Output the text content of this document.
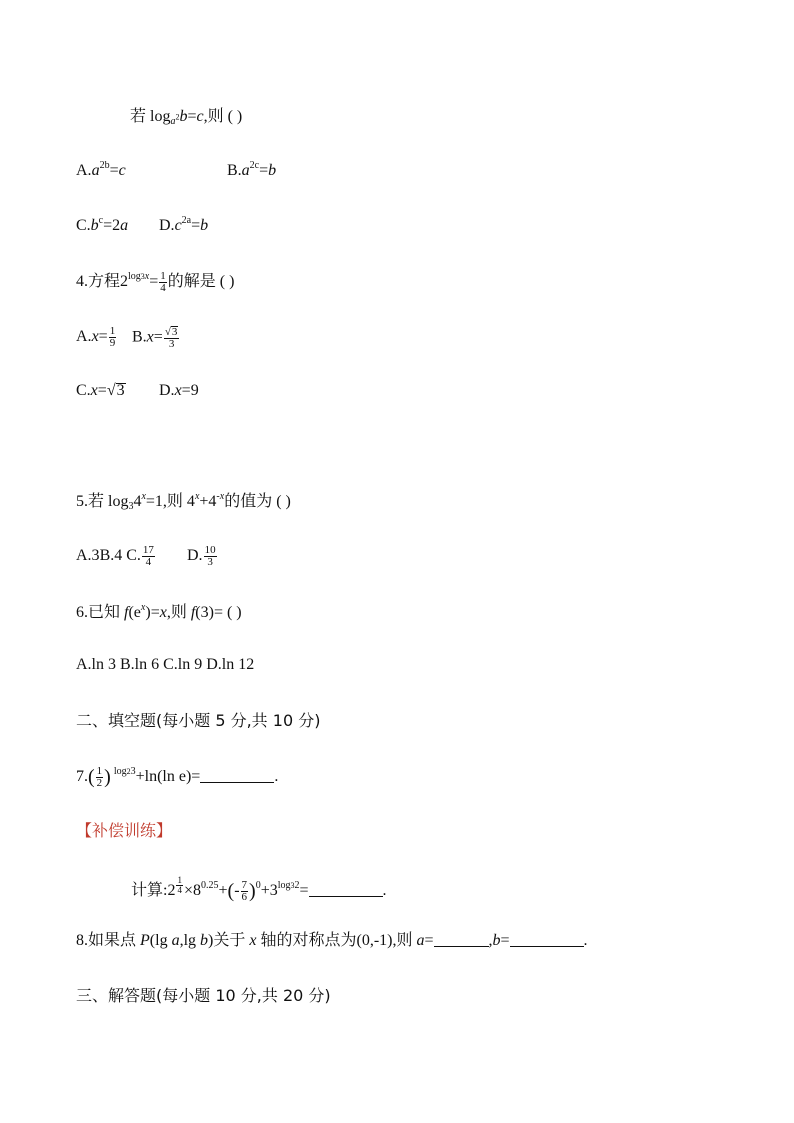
若 $\log_{a^2}b=c$,则 ( )
$A.a^{2b}=c$	$B.a^{2c}=b$
$C.b^c=2a$ $D.c^{2a}=b$
4.方程$2^{log3x}= \frac{1}{4}$ 的解是 ( )
$A.x= \frac{1}{9} B.x= \frac{√3}{3}$
C.x=√3 D.x=9
5.若 $\log_34^x=1$,则 $4^x+4^{-x}$的值为 ( )
A.3B.4 C. $\frac{17}{4} D$. $\frac{10}{3}$
6.已知 $f(e^x)=x$,则 f(3)= ( )
A.ln 3 B.ln 6 C.ln 9 D.ln 12
二、填空题(每小题 5 分,共 10 分)
$7.( \frac{1}{2}$ ) $^{log23}$+ln(ln e)=	.
【补偿训练】
计算:2 $^{\frac{1}{4}} \times 8^{0.25}+(- \frac{7}{6} )^0+3^{log32}=$	.
8.如果点 P(lg a,lg b)关于 x 轴的对称点为(0,-1),则 a=	,b=	.
三、解答题(每小题 10 分,共 20 分)
